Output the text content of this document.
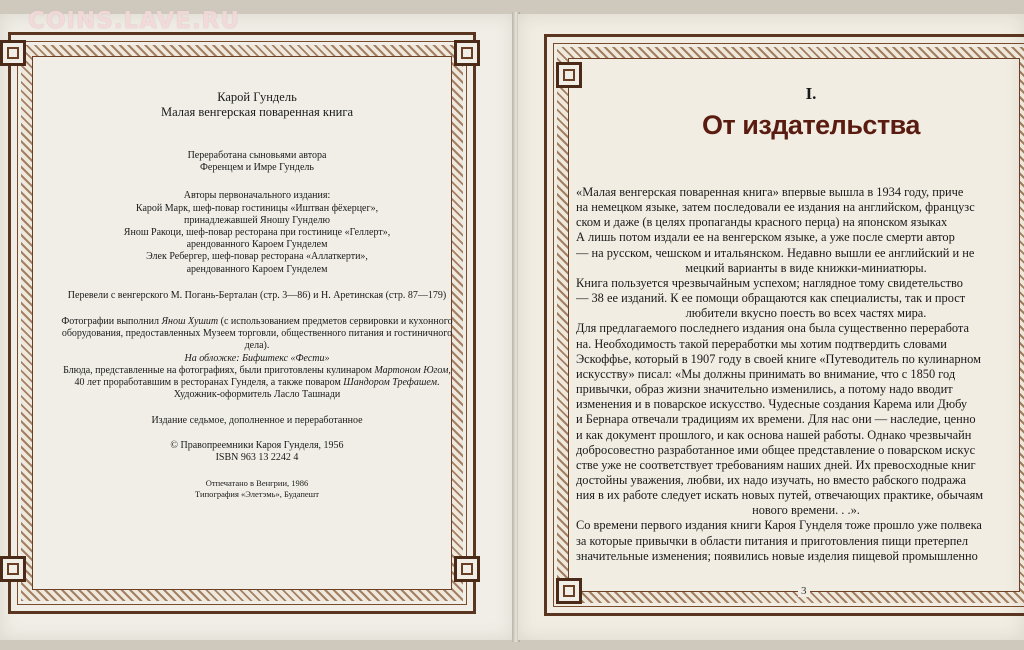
COINS.LAVE.RU

Карой Гундель

Малая венгерская поваренная книга

Переработана сыновьями автора

Ференцем и Имре Гундель

Авторы первоначального издания:

Карой Марк, шеф-повар гостиницы «Иштван фёхерцег»,

принадлежавшей Яношу Гунделю

Янош Ракоци, шеф-повар ресторана при гостинице «Геллерт»,

арендованного Кароем Гунделем

Элек Ребергер, шеф-повар ресторана «Аллаткерти»,

арендованного Кароем Гунделем

Перевели с венгерского М. Погань-Берталан (стр. 3—86) и Н. Аретинская (стр. 87—179)

Фотографии выполнил Янош Хушит (с использованием предметов сервировки и кухонного

оборудования, предоставленных Музеем торговли, общественного питания и гостиничного

дела).

На обложке: Бифштекс «Фести»

Блюда, представленные на фотографиях, были приготовлены кулинаром Мартоном Югом,

40 лет проработавшим в ресторанах Гунделя, а также поваром Шандором Трефашем.

Художник-оформитель Ласло Ташнади

Издание седьмое, дополненное и переработанное

© Правопреемники Кароя Гунделя, 1956

ISBN 963 13 2242 4

Отпечатано в Венгрии, 1986

Типография «Элетэмь», Будапешт

I.
От издательства

«Малая венгерская поваренная книга» впервые вышла в 1934 году, приче

на немецком языке, затем последовали ее издания на английском, французс

ском и даже (в целях пропаганды красного перца) на японском языках

А лишь потом издали ее на венгерском языке, а уже после смерти автор

— на русском, чешском и итальянском. Недавно вышли ее английский и не

мецкий варианты в виде книжки-миниатюры.

Книга пользуется чрезвычайным успехом; наглядное тому свидетельство

— 38 ее изданий. К ее помощи обращаются как специалисты, так и прост

любители вкусно поесть во всех частях мира.

Для предлагаемого последнего издания она была существенно переработа

на. Необходимость такой переработки мы хотим подтвердить словами

Эскоффье, который в 1907 году в своей книге «Путеводитель по кулинарном

искусству» писал: «Мы должны принимать во внимание, что с 1850 год

привычки, образ жизни значительно изменились, а потому надо вводит

изменения и в поварское искусство. Чудесные создания Карема или Дюбу

и Бернара отвечали традициям их времени. Для нас они — наследие, ценно

и как документ прошлого, и как основа нашей работы. Однако чрезвычайн

добросовестно разработанное ими общее представление о поварском искус

стве уже не соответствует требованиям наших дней. Их превосходные книг

достойны уважения, любви, их надо изучать, но вместо рабского подража

ния в их работе следует искать новых путей, отвечающих практике, обычаям

нового времени. . .».

Со времени первого издания книги Кароя Гунделя тоже прошло уже полвека

за которые привычки в области питания и приготовления пищи претерпел

значительные изменения; появились новые изделия пищевой промышленно

3
